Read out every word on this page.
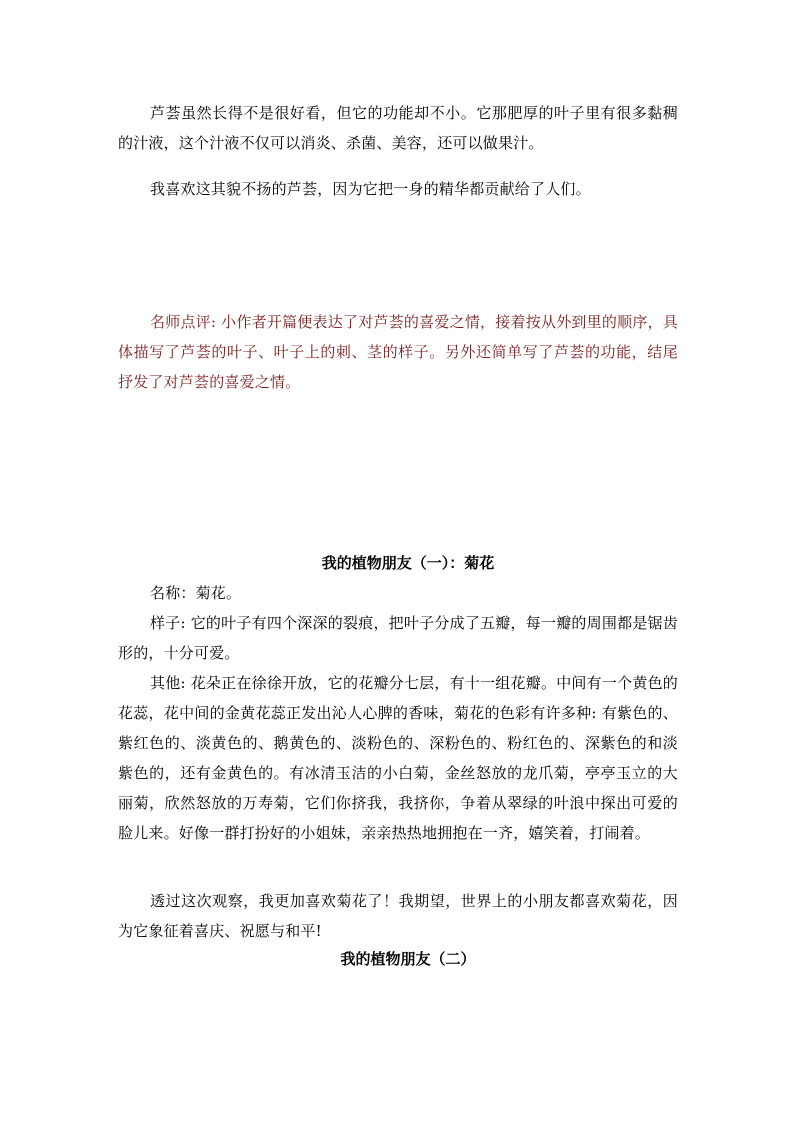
芦荟虽然长得不是很好看，但它的功能却不小。它那肥厚的叶子里有很多黏稠的汁液，这个汁液不仅可以消炎、杀菌、美容，还可以做果汁。

我喜欢这其貌不扬的芦荟，因为它把一身的精华都贡献给了人们。

名师点评: 小作者开篇便表达了对芦荟的喜爱之情，接着按从外到里的顺序，具体描写了芦荟的叶子、叶子上的刺、茎的样子。另外还简单写了芦荟的功能，结尾抒发了对芦荟的喜爱之情。

我的植物朋友（一）：菊花

名称：菊花。

样子: 它的叶子有四个深深的裂痕，把叶子分成了五瓣，每一瓣的周围都是锯齿形的，十分可爱。

其他: 花朵正在徐徐开放，它的花瓣分七层，有十一组花瓣。中间有一个黄色的花蕊，花中间的金黄花蕊正发出沁人心脾的香味，菊花的色彩有许多种: 有紫色的、紫红色的、淡黄色的、鹅黄色的、淡粉色的、深粉色的、粉红色的、深紫色的和淡紫色的，还有金黄色的。有冰清玉洁的小白菊，金丝怒放的龙爪菊，亭亭玉立的大丽菊，欣然怒放的万寿菊，它们你挤我，我挤你，争着从翠绿的叶浪中探出可爱的脸儿来。好像一群打扮好的小姐妹，亲亲热热地拥抱在一齐，嬉笑着，打闹着。

透过这次观察，我更加喜欢菊花了！我期望，世界上的小朋友都喜欢菊花，因为它象征着喜庆、祝愿与和平!

我的植物朋友（二）
